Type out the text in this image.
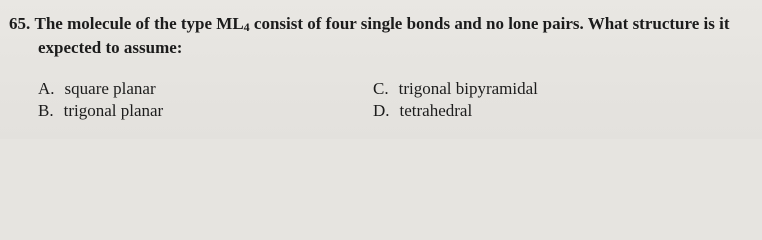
65. The molecule of the type $ML_4$ consist of four single bonds and no lone pairs. What structure is it
expected to assume:
A. square planar
B. trigonal planar
C. trigonal bipyramidal
D. tetrahedral
